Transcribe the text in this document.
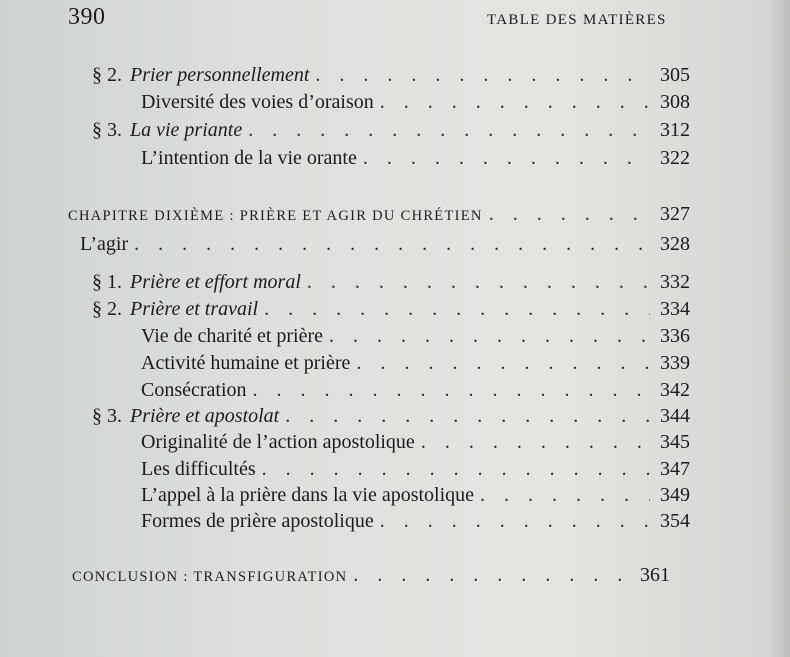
390	TABLE DES MATIÈRES
§ 2. Prier personnellement . . .	305
Diversité des voies d’oraison . . .	308
§ 3. La vie priante . . .	312
L’intention de la vie orante . . .	322
CHAPITRE DIXIÈME : PRIÈRE ET AGIR DU CHRÉTIEN . . .	327
L’agir . . .	328
§ 1. Prière et effort moral . . .	332
§ 2. Prière et travail . . .	334
Vie de charité et prière . . .	336
Activité humaine et prière . . .	339
Consécration . . .	342
§ 3. Prière et apostolat . . .	344
Originalité de l’action apostolique . . .	345
Les difficultés . . .	347
L’appel à la prière dans la vie apostolique . . .	349
Formes de prière apostolique . . .	354
CONCLUSION : TRANSFIGURATION . . .	361
